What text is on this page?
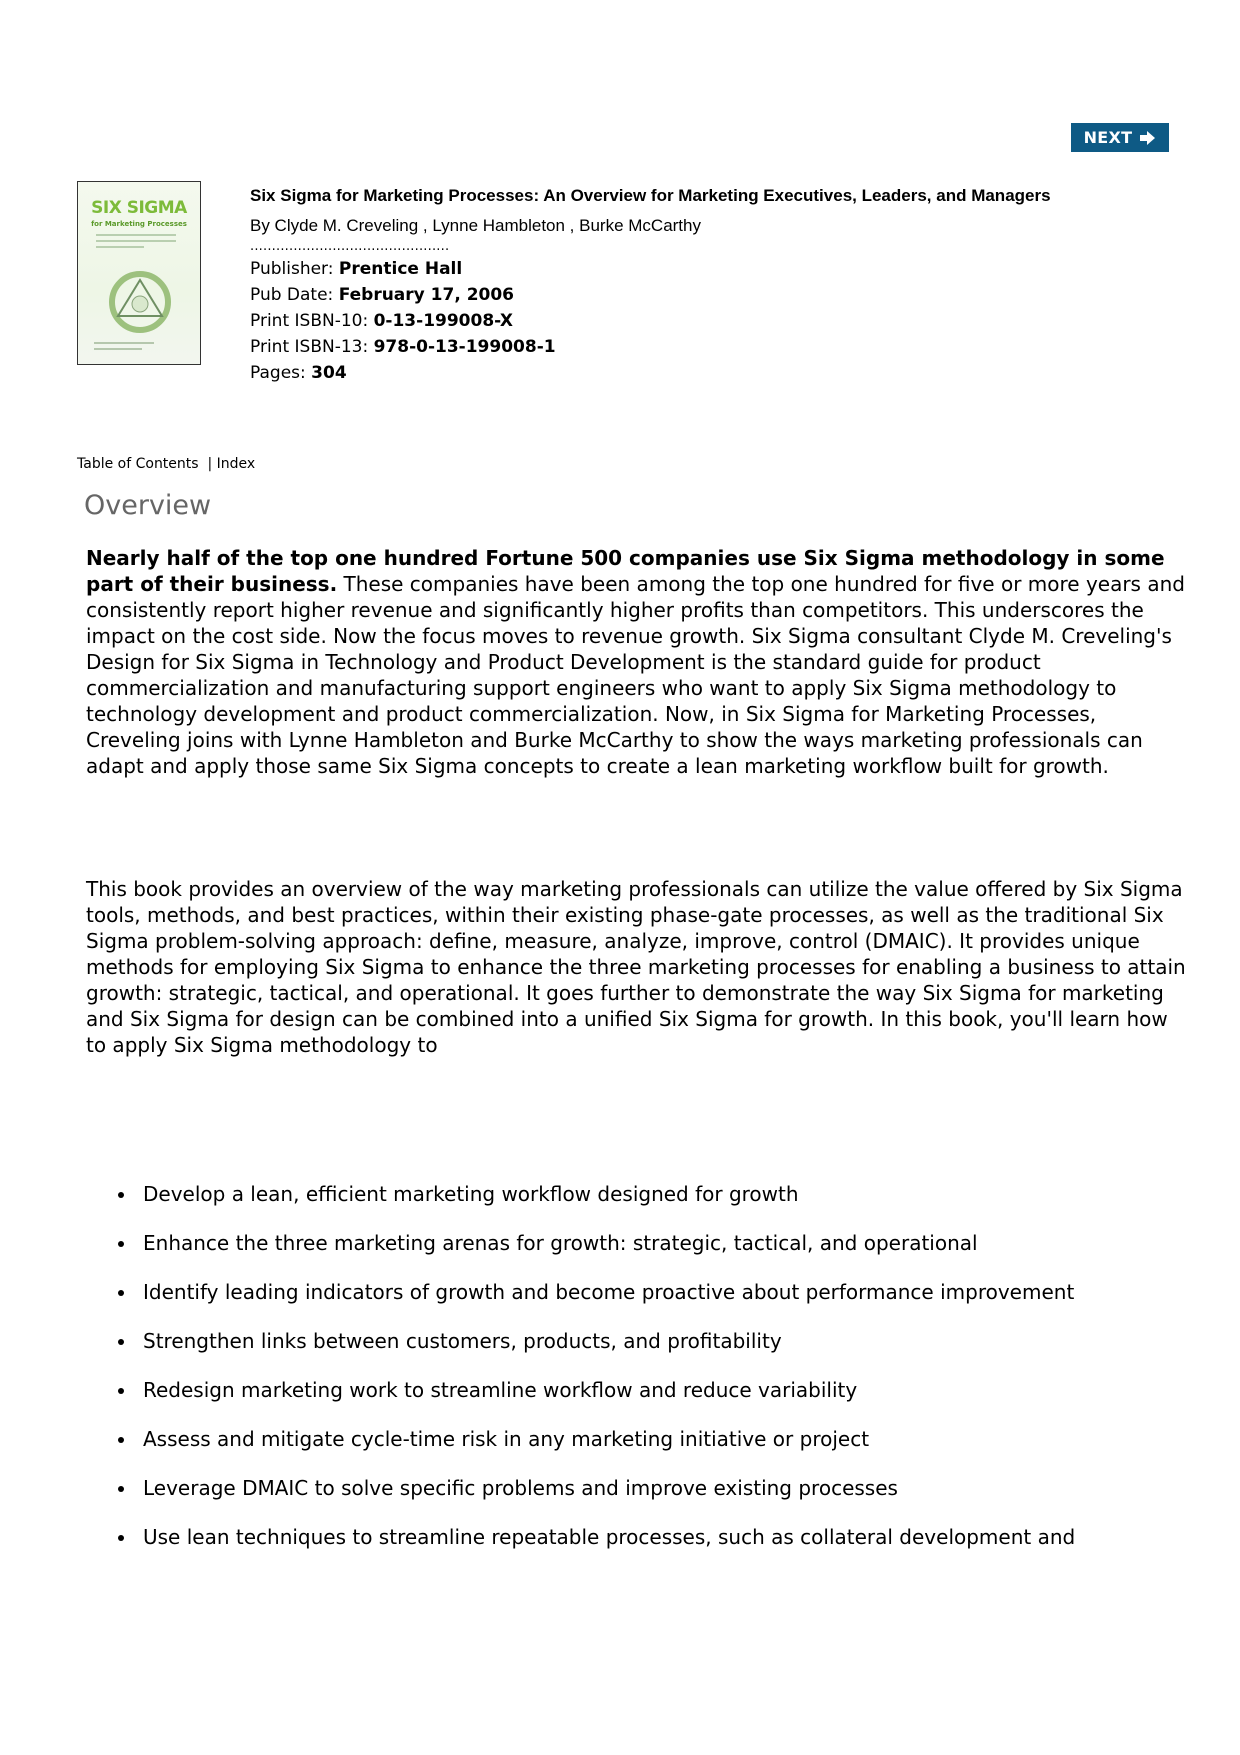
NEXT
SIX SIGMA
for Marketing Processes
Six Sigma for Marketing Processes: An Overview for Marketing Executives, Leaders, and Managers
By Clyde M. Creveling , Lynne Hambleton , Burke McCarthy
..............................................
Publisher: Prentice Hall
Pub Date: February 17, 2006
Print ISBN-10: 0-13-199008-X
Print ISBN-13: 978-0-13-199008-1
Pages: 304
Table of Contents | Index
Overview

Nearly half of the top one hundred Fortune 500 companies use Six Sigma methodology in some part of their business. These companies have been among the top one hundred for five or more years and consistently report higher revenue and significantly higher profits than competitors. This underscores the impact on the cost side. Now the focus moves to revenue growth. Six Sigma consultant Clyde M. Creveling's Design for Six Sigma in Technology and Product Development is the standard guide for product commercialization and manufacturing support engineers who want to apply Six Sigma methodology to technology development and product commercialization. Now, in Six Sigma for Marketing Processes, Creveling joins with Lynne Hambleton and Burke McCarthy to show the ways marketing professionals can adapt and apply those same Six Sigma concepts to create a lean marketing workflow built for growth.

This book provides an overview of the way marketing professionals can utilize the value offered by Six Sigma tools, methods, and best practices, within their existing phase-gate processes, as well as the traditional Six Sigma problem-solving approach: define, measure, analyze, improve, control (DMAIC). It provides unique methods for employing Six Sigma to enhance the three marketing processes for enabling a business to attain growth: strategic, tactical, and operational. It goes further to demonstrate the way Six Sigma for marketing and Six Sigma for design can be combined into a unified Six Sigma for growth. In this book, you'll learn how to apply Six Sigma methodology to

Develop a lean, efficient marketing workflow designed for growth
Enhance the three marketing arenas for growth: strategic, tactical, and operational
Identify leading indicators of growth and become proactive about performance improvement
Strengthen links between customers, products, and profitability
Redesign marketing work to streamline workflow and reduce variability
Assess and mitigate cycle-time risk in any marketing initiative or project
Leverage DMAIC to solve specific problems and improve existing processes
Use lean techniques to streamline repeatable processes, such as collateral development and
